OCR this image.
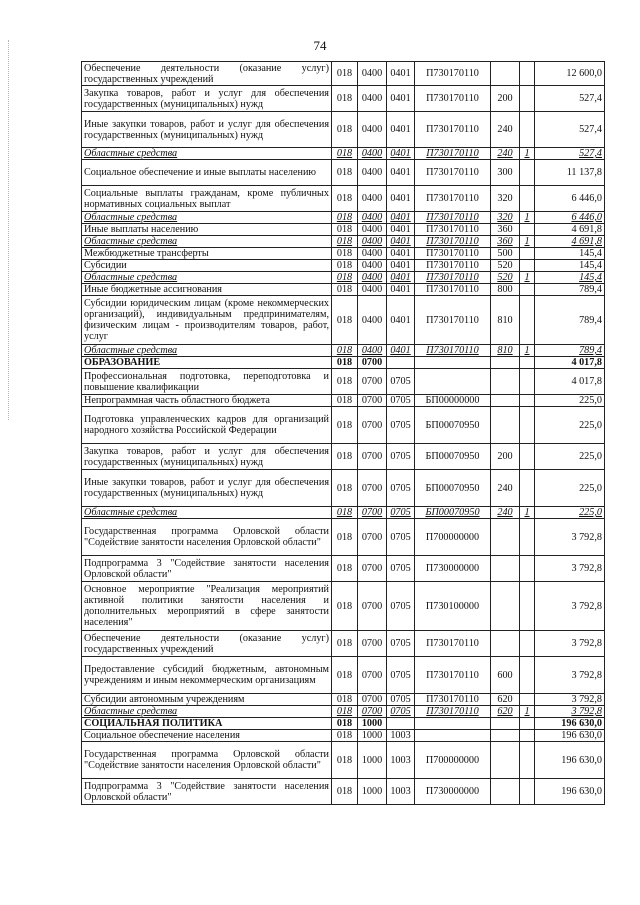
74
Обеспечение деятельности (оказание услуг) государственных учреждений	018	0400	0401	П730170110			12 600,0
Закупка товаров, работ и услуг для обеспечения государственных (муниципальных) нужд	018	0400	0401	П730170110	200		527,4
Иные закупки товаров, работ и услуг для обеспечения государственных (муниципальных) нужд	018	0400	0401	П730170110	240		527,4
Областные средства	018	0400	0401	П730170110	240	1	527,4
Социальное обеспечение и иные выплаты населению	018	0400	0401	П730170110	300		11 137,8
Социальные выплаты гражданам, кроме публичных нормативных социальных выплат	018	0400	0401	П730170110	320		6 446,0
Областные средства	018	0400	0401	П730170110	320	1	6 446,0
Иные выплаты населению	018	0400	0401	П730170110	360		4 691,8
Областные средства	018	0400	0401	П730170110	360	1	4 691,8
Межбюджетные трансферты	018	0400	0401	П730170110	500		145,4
Субсидии	018	0400	0401	П730170110	520		145,4
Областные средства	018	0400	0401	П730170110	520	1	145,4
Иные бюджетные ассигнования	018	0400	0401	П730170110	800		789,4
Субсидии юридическим лицам (кроме некоммерческих организаций), индивидуальным предпринимателям, физическим лицам - производителям товаров, работ, услуг	018	0400	0401	П730170110	810		789,4
Областные средства	018	0400	0401	П730170110	810	1	789,4
ОБРАЗОВАНИЕ	018	0700					4 017,8
Профессиональная подготовка, переподготовка и повышение квалификации	018	0700	0705				4 017,8
Непрограммная часть областного бюджета	018	0700	0705	БП00000000			225,0
Подготовка управленческих кадров для организаций народного хозяйства Российской Федерации	018	0700	0705	БП00070950			225,0
Закупка товаров, работ и услуг для обеспечения государственных (муниципальных) нужд	018	0700	0705	БП00070950	200		225,0
Иные закупки товаров, работ и услуг для обеспечения государственных (муниципальных) нужд	018	0700	0705	БП00070950	240		225,0
Областные средства	018	0700	0705	БП00070950	240	1	225,0
Государственная программа Орловской области "Содействие занятости населения Орловской области"	018	0700	0705	П700000000			3 792,8
Подпрограмма 3 "Содействие занятости населения Орловской области"	018	0700	0705	П730000000			3 792,8
Основное мероприятие "Реализация мероприятий активной политики занятости населения и дополнительных мероприятий в сфере занятости населения"	018	0700	0705	П730100000			3 792,8
Обеспечение деятельности (оказание услуг) государственных учреждений	018	0700	0705	П730170110			3 792,8
Предоставление субсидий бюджетным, автономным учреждениям и иным некоммерческим организациям	018	0700	0705	П730170110	600		3 792,8
Субсидии автономным учреждениям	018	0700	0705	П730170110	620		3 792,8
Областные средства	018	0700	0705	П730170110	620	1	3 792,8
СОЦИАЛЬНАЯ ПОЛИТИКА	018	1000					196 630,0
Социальное обеспечение населения	018	1000	1003				196 630,0
Государственная программа Орловской области "Содействие занятости населения Орловской области"	018	1000	1003	П700000000			196 630,0
Подпрограмма 3 "Содействие занятости населения Орловской области"	018	1000	1003	П730000000			196 630,0
